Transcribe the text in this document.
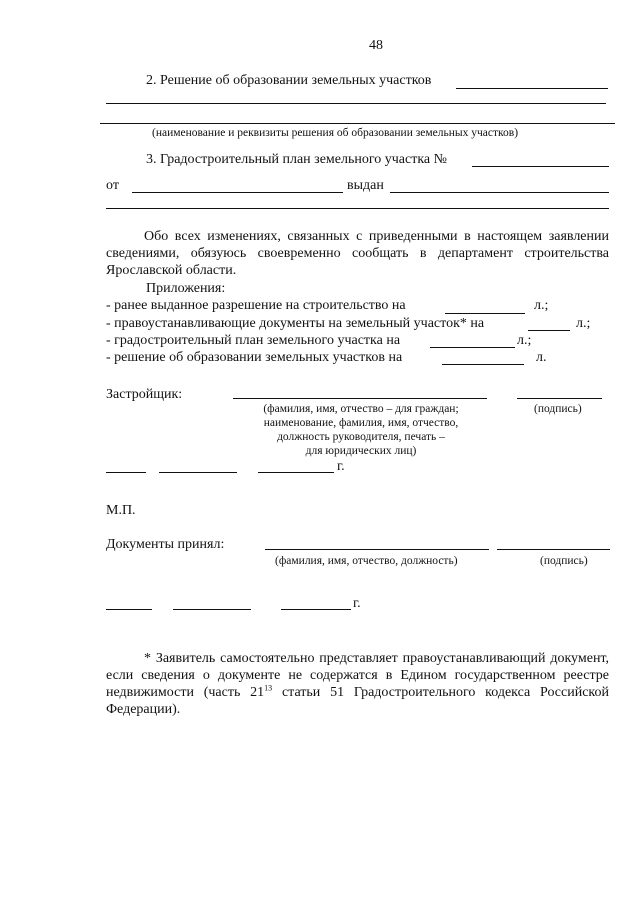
48
2. Решение об образовании земельных участков
(наименование и реквизиты решения об образовании земельных участков)
3. Градостроительный план земельного участка №
от	выдан
Обо всех изменениях, связанных с приведенными в настоящем заявлении сведениями, обязуюсь своевременно сообщать в департамент строительства Ярославской области.
Приложения:
- ранее выданное разрешение на строительство на	л.;
- правоустанавливающие документы на земельный участок* на	л.;
- градостроительный план земельного участка на	л.;
- решение об образовании земельных участков на	л.
Застройщик:
(фамилия, имя, отчество – для граждан;
наименование, фамилия, имя, отчество,
должность руководителя, печать –
для юридических лиц)
(подпись)
г.
М.П.
Документы принял:
(фамилия, имя, отчество, должность)	(подпись)
г.
* Заявитель самостоятельно представляет правоустанавливающий документ, если сведения о документе не содержатся в Едином государственном реестре недвижимости (часть $21^{13}$ статьи 51 Градостроительного кодекса Российской Федерации).
